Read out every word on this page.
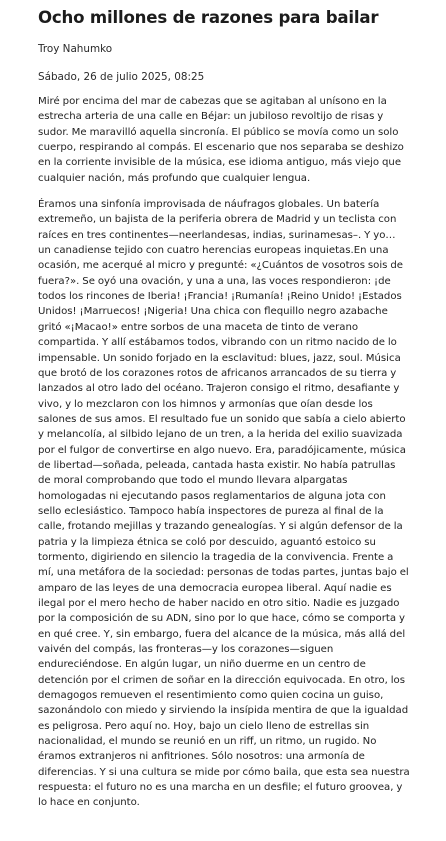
Ocho millones de razones para bailar
Troy Nahumko
Sábado, 26 de julio 2025, 08:25

Miré por encima del mar de cabezas que se agitaban al unísono en la estrecha arteria de una calle en Béjar: un jubiloso revoltijo de risas y sudor. Me maravilló aquella sincronía. El público se movía como un solo cuerpo, respirando al compás. El escenario que nos separaba se deshizo en la corriente invisible de la música, ese idioma antiguo, más viejo que cualquier nación, más profundo que cualquier lengua.

Éramos una sinfonía improvisada de náufragos globales. Un batería extremeño, un bajista de la periferia obrera de Madrid y un teclista con raíces en tres continentes—neerlandesas, indias, surinamesas–. Y yo… un canadiense tejido con cuatro herencias europeas inquietas.En una ocasión, me acerqué al micro y pregunté: «¿Cuántos de vosotros sois de fuera?». Se oyó una ovación, y una a una, las voces respondieron: ¡de todos los rincones de Iberia! ¡Francia! ¡Rumanía! ¡Reino Unido! ¡Estados Unidos! ¡Marruecos! ¡Nigeria! Una chica con flequillo negro azabache gritó «¡Macao!» entre sorbos de una maceta de tinto de verano compartida. Y allí estábamos todos, vibrando con un ritmo nacido de lo impensable. Un sonido forjado en la esclavitud: blues, jazz, soul. Música que brotó de los corazones rotos de africanos arrancados de su tierra y lanzados al otro lado del océano. Trajeron consigo el ritmo, desafiante y vivo, y lo mezclaron con los himnos y armonías que oían desde los salones de sus amos. El resultado fue un sonido que sabía a cielo abierto y melancolía, al silbido lejano de un tren, a la herida del exilio suavizada por el fulgor de convertirse en algo nuevo. Era, paradójicamente, música de libertad—soñada, peleada, cantada hasta existir. No había patrullas de moral comprobando que todo el mundo llevara alpargatas homologadas ni ejecutando pasos reglamentarios de alguna jota con sello eclesiástico. Tampoco había inspectores de pureza al final de la calle, frotando mejillas y trazando genealogías. Y si algún defensor de la patria y la limpieza étnica se coló por descuido, aguantó estoico su tormento, digiriendo en silencio la tragedia de la convivencia. Frente a mí, una metáfora de la sociedad: personas de todas partes, juntas bajo el amparo de las leyes de una democracia europea liberal. Aquí nadie es ilegal por el mero hecho de haber nacido en otro sitio. Nadie es juzgado por la composición de su ADN, sino por lo que hace, cómo se comporta y en qué cree. Y, sin embargo, fuera del alcance de la música, más allá del vaivén del compás, las fronteras—y los corazones—siguen endureciéndose. En algún lugar, un niño duerme en un centro de detención por el crimen de soñar en la dirección equivocada. En otro, los demagogos remueven el resentimiento como quien cocina un guiso, sazonándolo con miedo y sirviendo la insípida mentira de que la igualdad es peligrosa. Pero aquí no. Hoy, bajo un cielo lleno de estrellas sin nacionalidad, el mundo se reunió en un riff, un ritmo, un rugido. No éramos extranjeros ni anfitriones. Sólo nosotros: una armonía de diferencias. Y si una cultura se mide por cómo baila, que esta sea nuestra respuesta: el futuro no es una marcha en un desfile; el futuro groovea, y lo hace en conjunto.
